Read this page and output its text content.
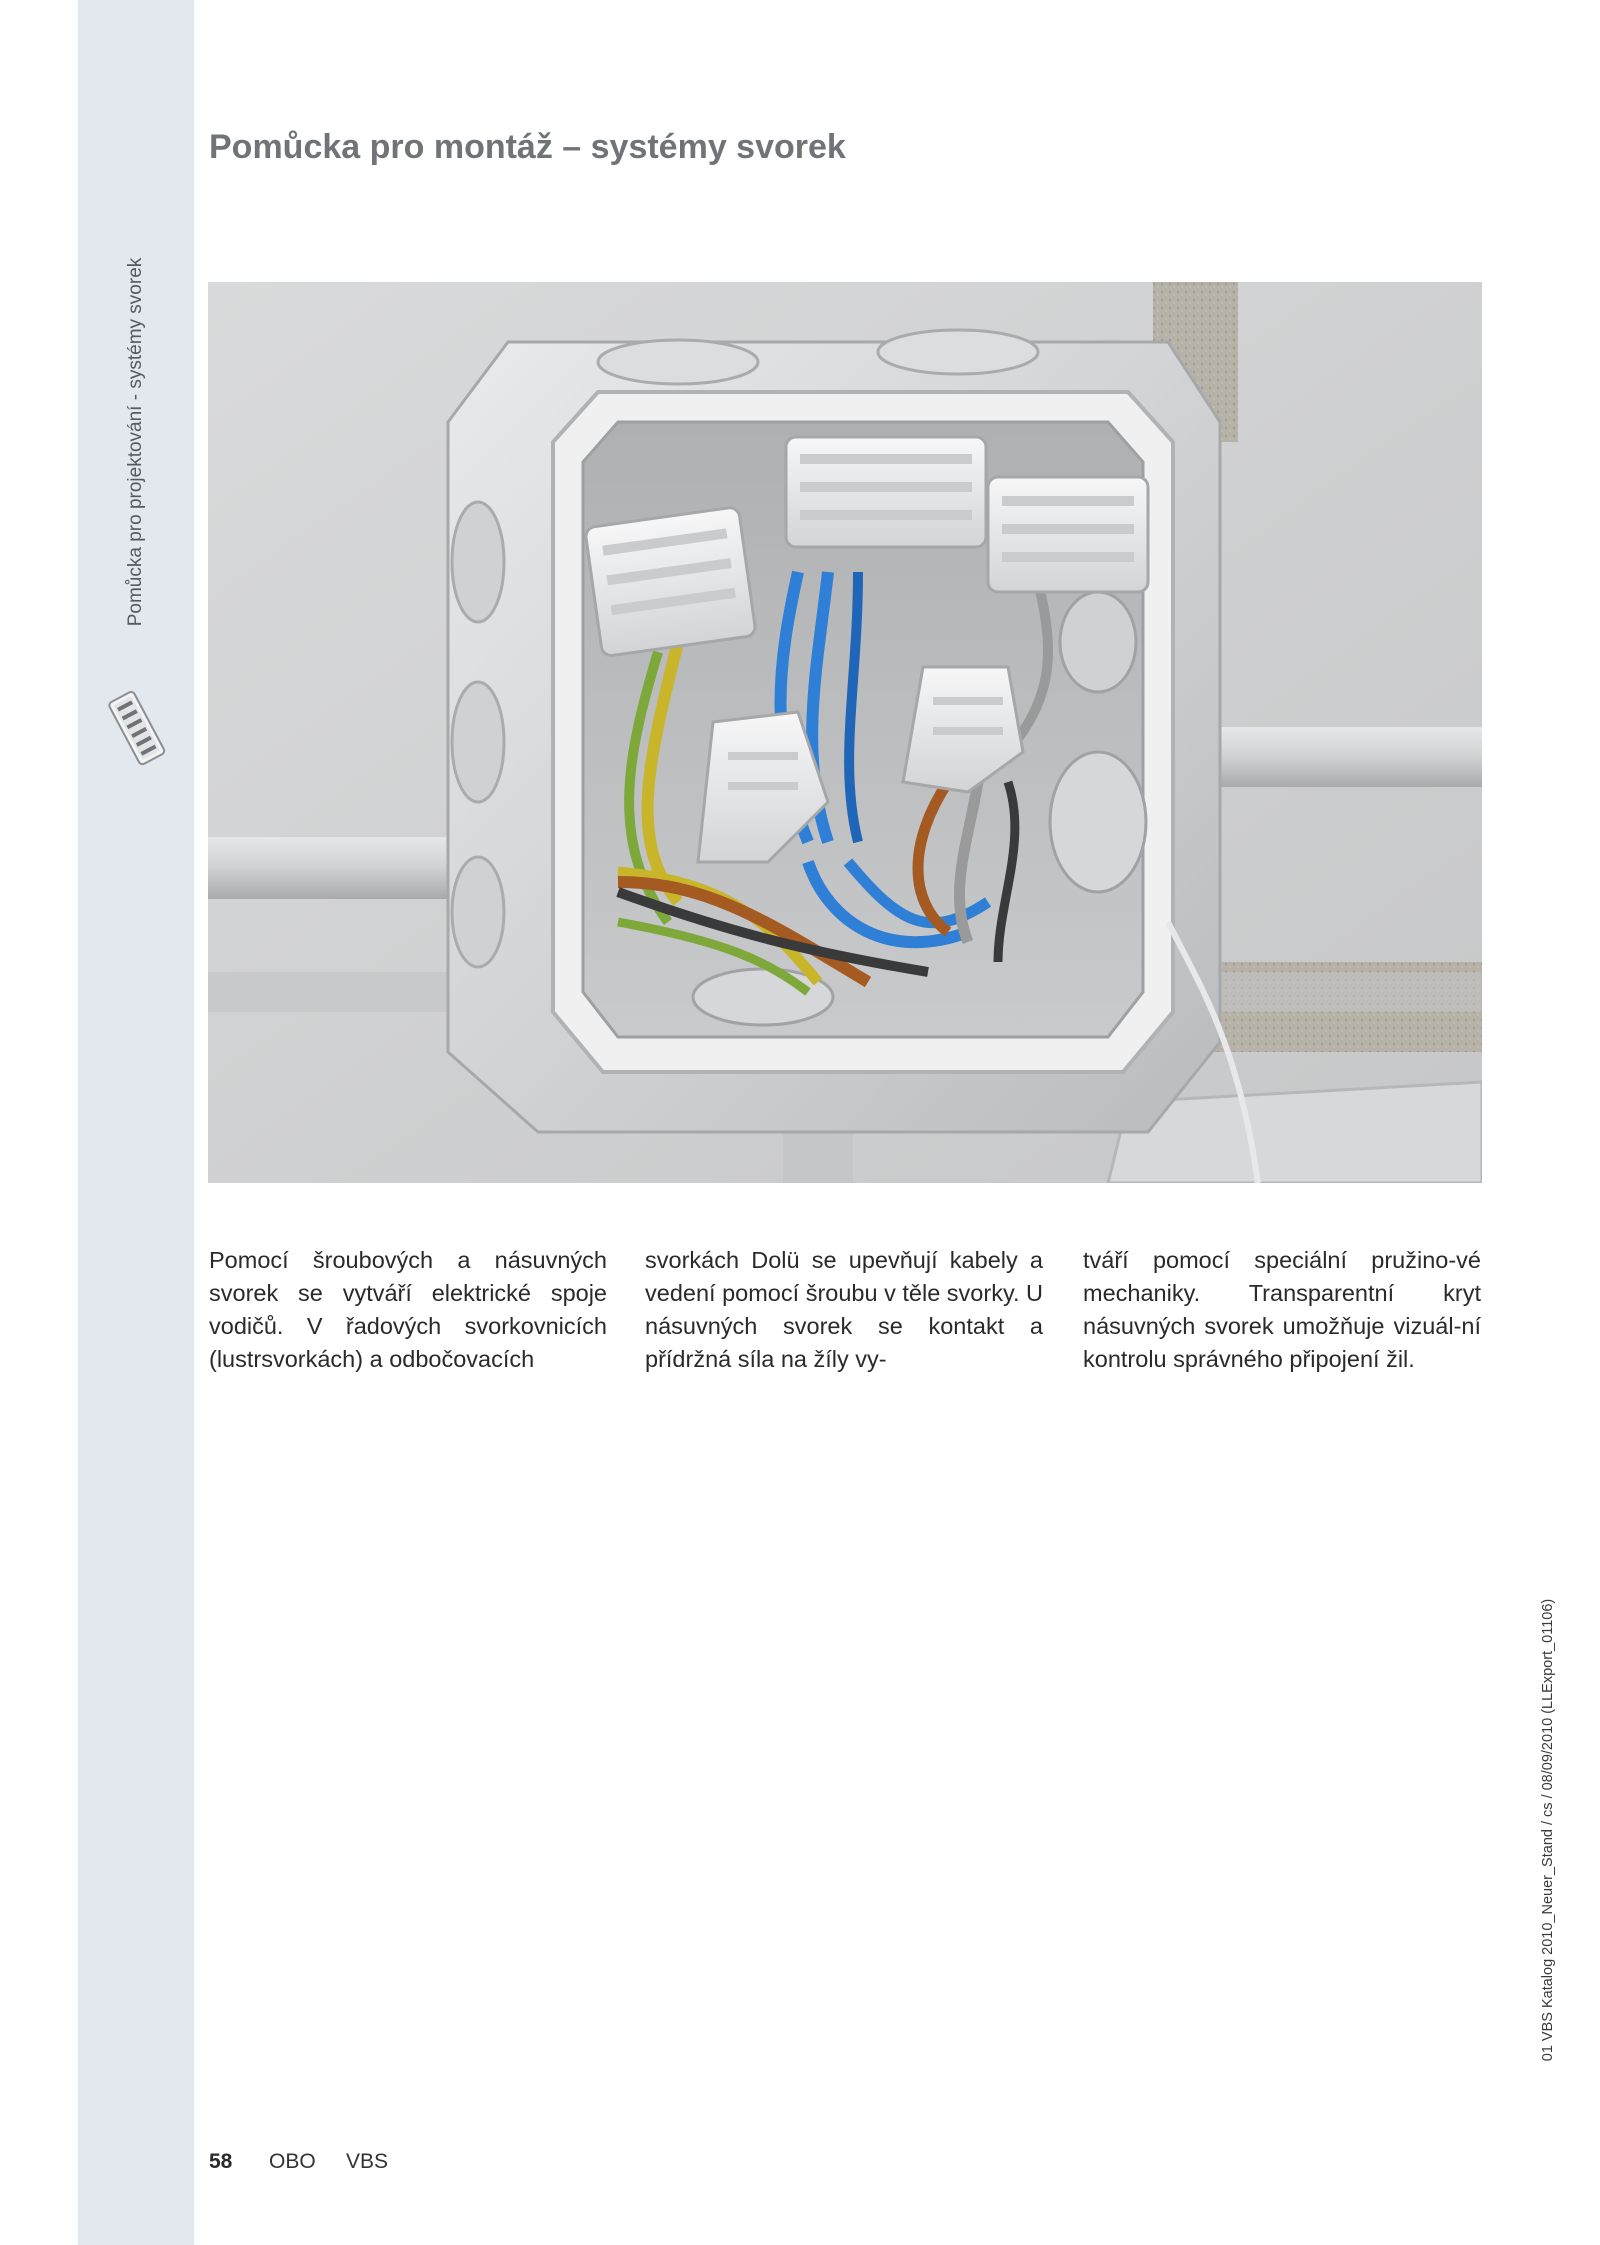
Pomůcka pro projektování - systémy svorek
Pomůcka pro montáž – systémy svorek

Pomocí šroubových a násuvných svorek se vytváří elektrické spoje vodičů. V řadových svorkovnicích (lustrsvorkách) a odbočovacích

svorkách Dolü se upevňují kabely a vedení pomocí šroubu v těle svorky. U násuvných svorek se kontakt a přídržná síla na žíly vy-

tváří pomocí speciální pružino-vé mechaniky. Transparentní kryt násuvných svorek umožňuje vizuál-ní kontrolu správného připojení žil.

58 OBO VBS
01 VBS Katalog 2010_Neuer_Stand / cs / 08/09/2010 (LLExport_01106)
